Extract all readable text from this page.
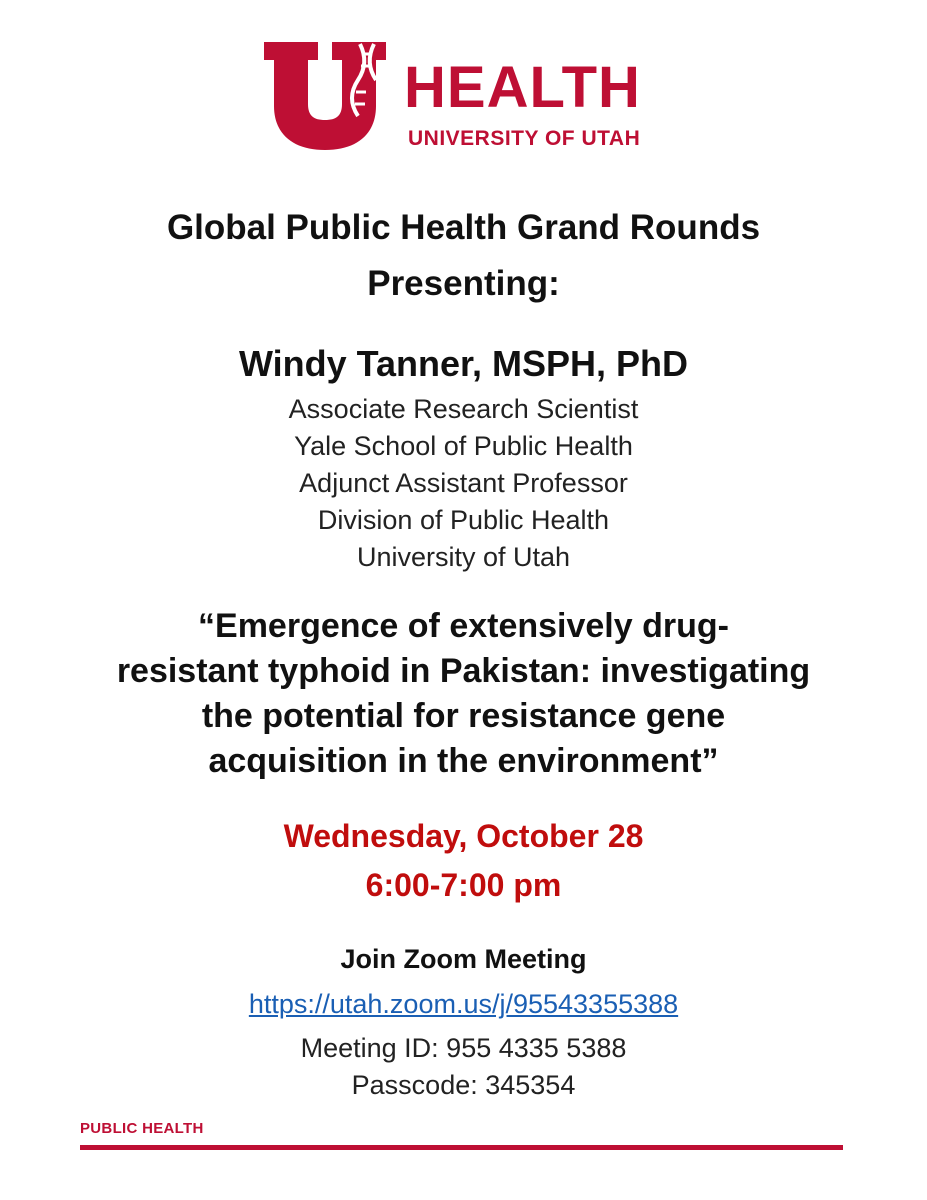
HEALTH
UNIVERSITY OF UTAH
Global Public Health Grand Rounds
Presenting:
Windy Tanner, MSPH, PhD
Associate Research Scientist
Yale School of Public Health
Adjunct Assistant Professor
Division of Public Health
University of Utah
“Emergence of extensively drug-
resistant typhoid in Pakistan: investigating
the potential for resistance gene
acquisition in the environment”
Wednesday, October 28
6:00-7:00 pm
Join Zoom Meeting
https://utah.zoom.us/j/95543355388
Meeting ID: 955 4335 5388
Passcode: 345354
PUBLIC HEALTH
